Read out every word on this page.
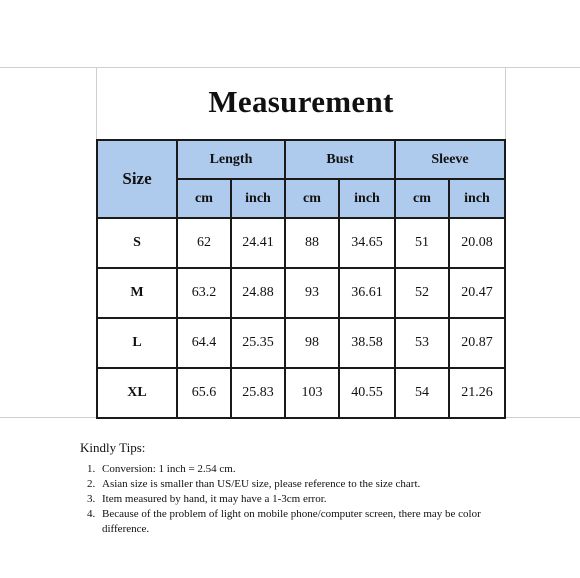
Measurement
Size	Length		Bust		Sleeve	
	cm	inch	cm	inch	cm	inch
S	62	24.41	88	34.65	51	20.08
M	63.2	24.88	93	36.61	52	20.47
L	64.4	25.35	98	38.58	53	20.87
XL	65.6	25.83	103	40.55	54	21.26
Kindly Tips:
1. Conversion: 1 inch = 2.54 cm.
2. Asian size is smaller than US/EU size, please reference to the size chart.
3. Item measured by hand, it may have a 1-3cm error.
4. Because of the problem of light on mobile phone/computer screen, there may be color difference.
